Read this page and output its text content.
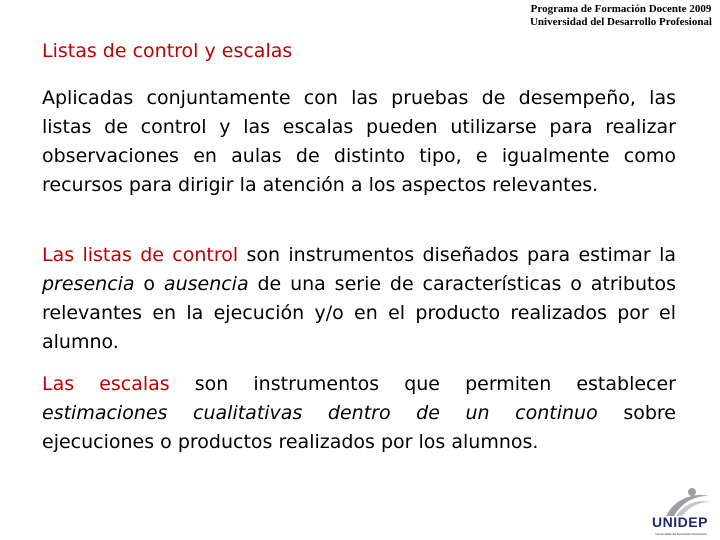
Programa de Formación Docente 2009
Universidad del Desarrollo Profesional
Listas de control y escalas
Aplicadas conjuntamente con las pruebas de desempeño, las listas de control y las escalas pueden utilizarse para realizar observaciones en aulas de distinto tipo, e igualmente como recursos para dirigir la atención a los aspectos relevantes.
Las listas de control son instrumentos diseñados para estimar la presencia o ausencia de una serie de características o atributos relevantes en la ejecución y/o en el producto realizados por el alumno.
Las escalas son instrumentos que permiten establecer estimaciones cualitativas dentro de un continuo sobre ejecuciones o productos realizados por los alumnos.
UNIDEP
Universidad del Desarrollo Profesional
